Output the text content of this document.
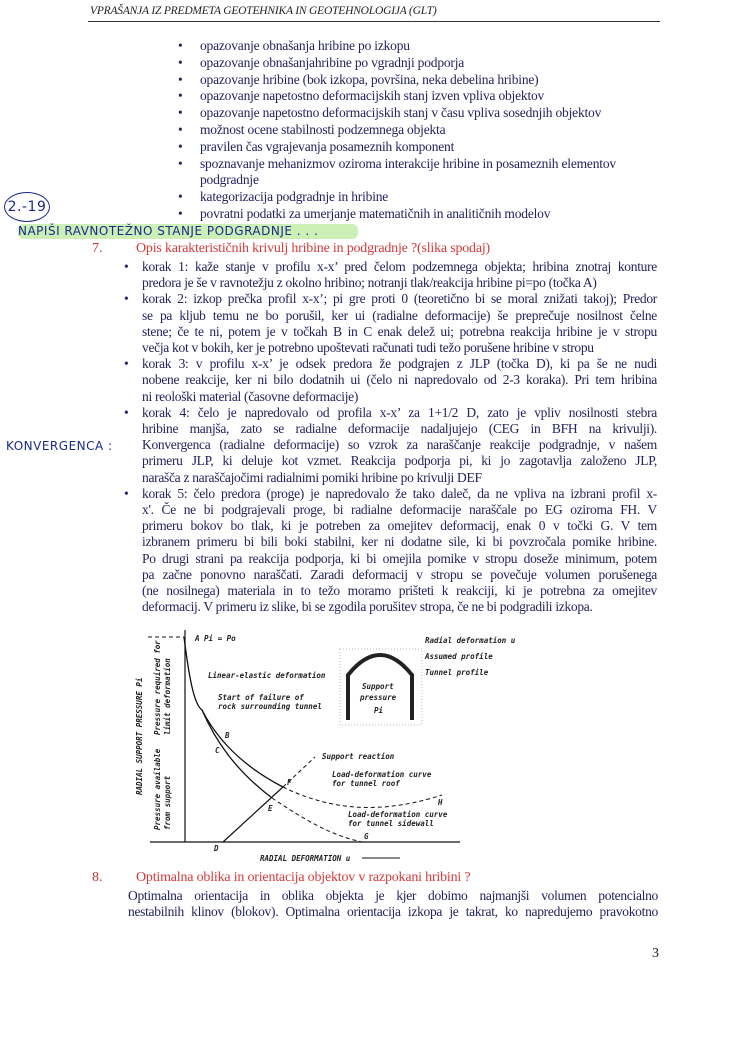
VPRAŠANJA IZ PREDMETA GEOTEHNIKA IN GEOTEHNOLOGIJA (GLT)
• opazovanje obnašanja hribine po izkopu
• opazovanje obnašanjahribine po vgradnji podporja
• opazovanje hribine (bok izkopa, površina, neka debelina hribine)
• opazovanje napetostno deformacijskih stanj izven vpliva objektov
• opazovanje napetostno deformacijskih stanj v času vpliva sosednjih objektov
• možnost ocene stabilnosti podzemnega objekta
• pravilen čas vgrajevanja posameznih komponent
• spoznavanje mehanizmov oziroma interakcije hribine in posameznih elementov
podgradnje
• kategorizacija podgradnje in hribine
• povratni podatki za umerjanje matematičnih in analitičnih modelov
2.-19
NAPIŠI RAVNOTEŽNO STANJE PODGRADNJE . . .
KONVERGENCA :
7. Opis karakterističnih krivulj hribine in podgradnje ?(slika spodaj)
• korak 1: kaže stanje v profilu x-x’ pred čelom podzemnega objekta; hribina znotraj konture
predora je še v ravnotežju z okolno hribino; notranji tlak/reakcija hribine pi=po (točka A)
• korak 2: izkop prečka profil x-x’; pi gre proti 0 (teoretično bi se moral znižati takoj); Predor
se pa kljub temu ne bo porušil, ker ui (radialne deformacije) še preprečuje nosilnost čelne
stene; če te ni, potem je v točkah B in C enak delež ui; potrebna reakcija hribine je v stropu
večja kot v bokih, ker je potrebno upoštevati računati tudi težo porušene hribine v stropu
• korak 3: v profilu x-x’ je odsek predora že podgrajen z JLP (točka D), ki pa še ne nudi
nobene reakcije, ker ni bilo dodatnih ui (čelo ni napredovalo od 2-3 koraka). Pri tem hribina
ni reološki material (časovne deformacije)
• korak 4: čelo je napredovalo od profila x-x’ za 1+1/2 D, zato je vpliv nosilnosti stebra
hribine manjša, zato se radialne deformacije nadaljujejo (CEG in BFH na krivulji).
Konvergenca (radialne deformacije) so vzrok za naraščanje reakcije podgradnje, v našem
primeru JLP, ki deluje kot vzmet. Reakcija podporja pi, ki jo zagotavlja založeno JLP,
narašča z naraščajočimi radialnimi pomiki hribine po krivulji DEF
• korak 5: čelo predora (proge) je napredovalo že tako daleč, da ne vpliva na izbrani profil x-
x'. Če ne bi podgrajevali proge, bi radialne deformacije naraščale po EG oziroma FH. V
primeru bokov bo tlak, ki je potreben za omejitev deformacij, enak 0 v točki G. V tem
izbranem primeru bi bili boki stabilni, ker ni dodatne sile, ki bi povzročala pomike hribine.
Po drugi strani pa reakcija podporja, ki bi omejila pomike v stropu doseže minimum, potem
pa začne ponovno naraščati. Zaradi deformacij v stropu se povečuje volumen porušenega
(ne nosilnega) materiala in to težo moramo prišteti k reakciji, ki je potrebna za omejitev
deformacij. V primeru iz slike, bi se zgodila porušitev stropa, če ne bi podgradili izkopa.
A Pi = Po
Linear-elastic deformation
Start of failure of
rock surrounding tunnel
Radial deformation u
Assumed profile
Tunnel profile
Support
pressure
Pi
Support reaction
Load-deformation curve
for tunnel roof
Load-deformation curve
for tunnel sidewall
B
C
D
E
F
G
H
RADIAL DEFORMATION u
RADIAL SUPPORT PRESSURE Pi Pressure required for limit deformation
Pressure available from support
8. Optimalna oblika in orientacija objektov v razpokani hribini ?
Optimalna orientacija in oblika objekta je kjer dobimo najmanjši volumen potencialno
nestabilnih klinov (blokov). Optimalna orientacija izkopa je takrat, ko napredujemo pravokotno
3
